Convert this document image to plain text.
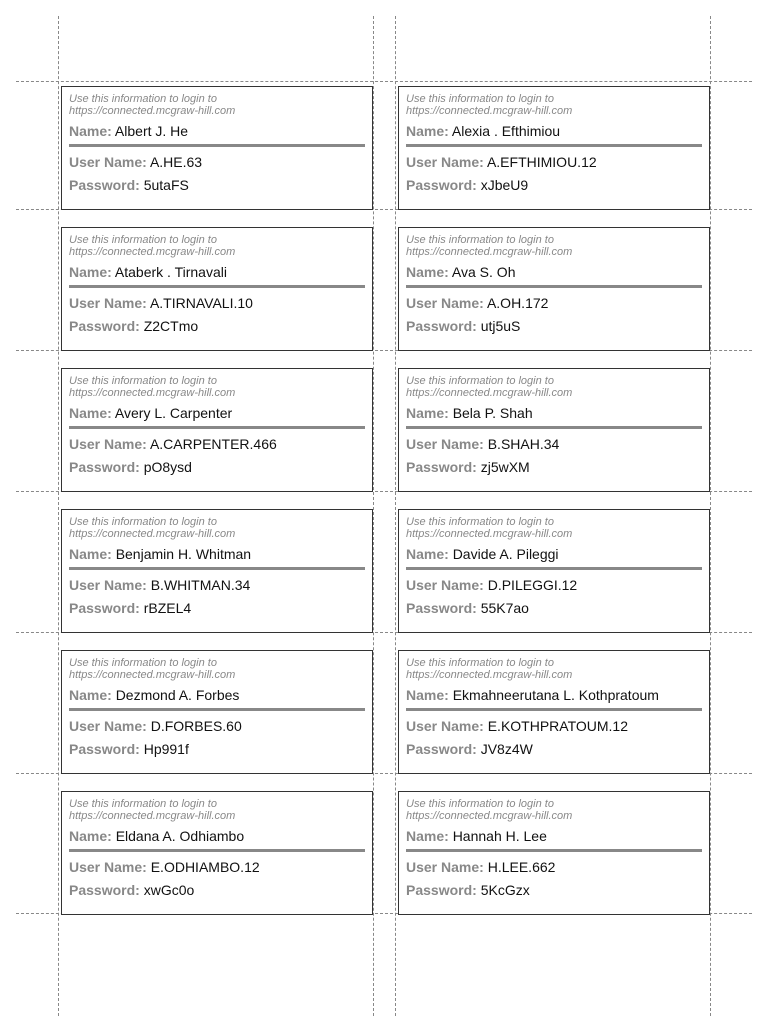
Use this information to login to
https://connected.mcgraw-hill.com
Name: Albert J. He
User Name: A.HE.63
Password: 5utaFS
Use this information to login to
https://connected.mcgraw-hill.com
Name: Alexia . Efthimiou
User Name: A.EFTHIMIOU.12
Password: xJbeU9
Use this information to login to
https://connected.mcgraw-hill.com
Name: Ataberk . Tirnavali
User Name: A.TIRNAVALI.10
Password: Z2CTmo
Use this information to login to
https://connected.mcgraw-hill.com
Name: Ava S. Oh
User Name: A.OH.172
Password: utj5uS
Use this information to login to
https://connected.mcgraw-hill.com
Name: Avery L. Carpenter
User Name: A.CARPENTER.466
Password: pO8ysd
Use this information to login to
https://connected.mcgraw-hill.com
Name: Bela P. Shah
User Name: B.SHAH.34
Password: zj5wXM
Use this information to login to
https://connected.mcgraw-hill.com
Name: Benjamin H. Whitman
User Name: B.WHITMAN.34
Password: rBZEL4
Use this information to login to
https://connected.mcgraw-hill.com
Name: Davide A. Pileggi
User Name: D.PILEGGI.12
Password: 55K7ao
Use this information to login to
https://connected.mcgraw-hill.com
Name: Dezmond A. Forbes
User Name: D.FORBES.60
Password: Hp991f
Use this information to login to
https://connected.mcgraw-hill.com
Name: Ekmahneerutana L. Kothpratoum
User Name: E.KOTHPRATOUM.12
Password: JV8z4W
Use this information to login to
https://connected.mcgraw-hill.com
Name: Eldana A. Odhiambo
User Name: E.ODHIAMBO.12
Password: xwGc0o
Use this information to login to
https://connected.mcgraw-hill.com
Name: Hannah H. Lee
User Name: H.LEE.662
Password: 5KcGzx
